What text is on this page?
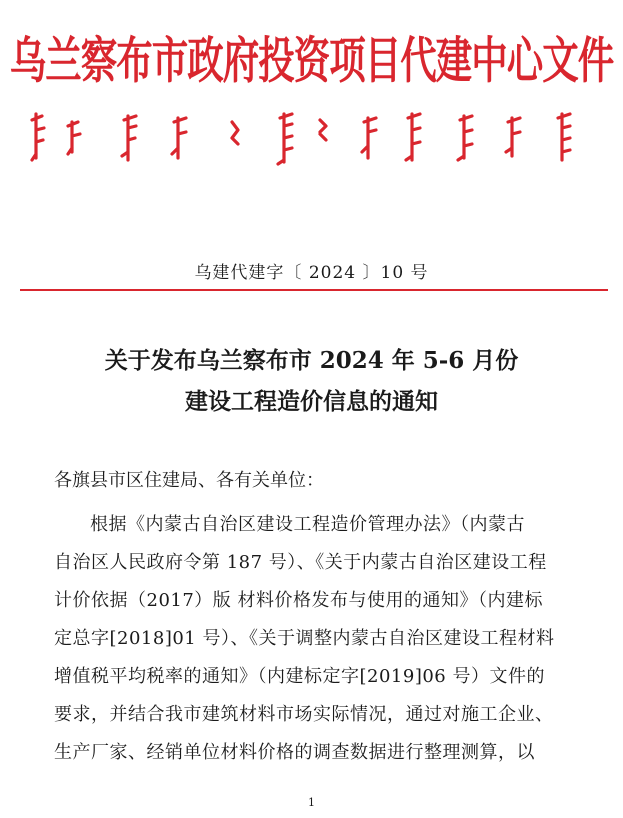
乌兰察布市政府投资项目代建中心文件
乌建代建字〔 2024 〕10 号
关于发布乌兰察布市 2024 年 5-6 月份
建设工程造价信息的通知
各旗县市区住建局、各有关单位：
根据《内蒙古自治区建设工程造价管理办法》（内蒙古
自治区人民政府令第 187 号）、《关于内蒙古自治区建设工程
计价依据（2017）版 材料价格发布与使用的通知》（内建标
定总字[2018]01 号）、《关于调整内蒙古自治区建设工程材料
增值税平均税率的通知》（内建标定字[2019]06 号）文件的
要求，并结合我市建筑材料市场实际情况，通过对施工企业、
生产厂家、经销单位材料价格的调查数据进行整理测算，以
1
